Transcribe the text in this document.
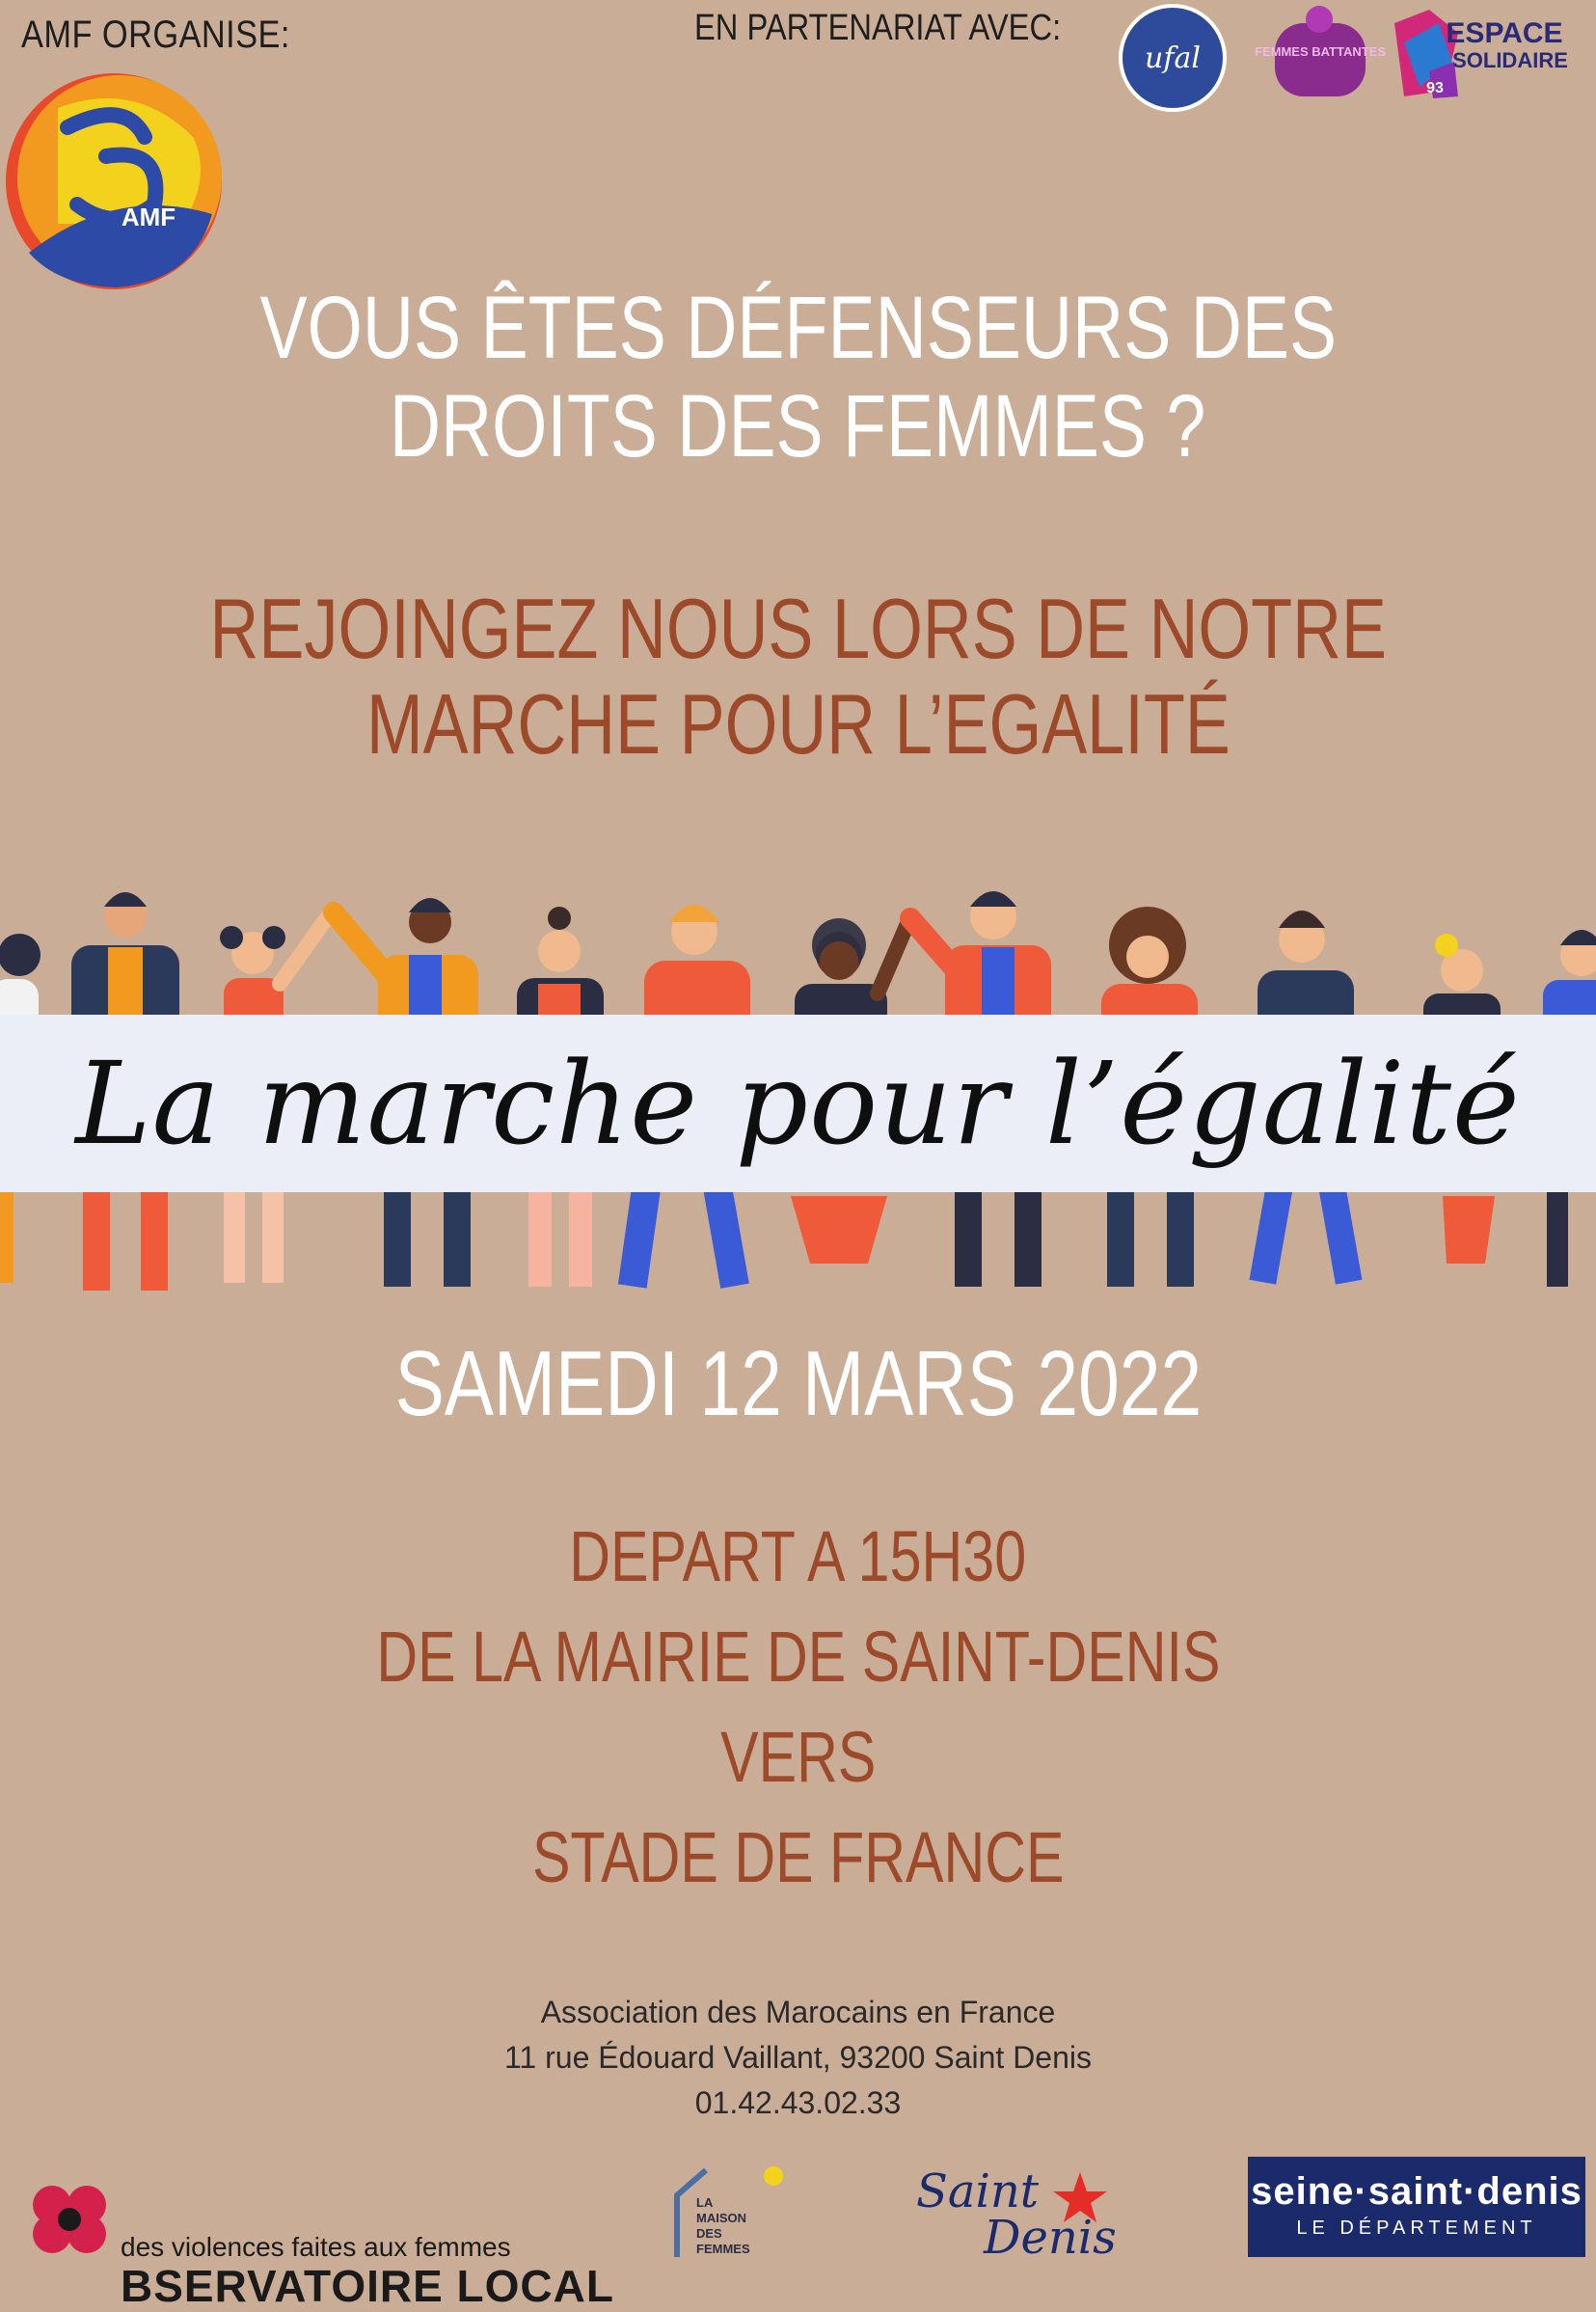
AMF ORGANISE:	EN PARTENARIAT AVEC:
AMF
ufal	FEMMES BATTANTES
ESPACE
SOLIDAIRE
93
VOUS ÊTES DÉFENSEURS DES
DROITS DES FEMMES ?
REJOINGEZ NOUS LORS DE NOTRE
MARCHE POUR L’EGALITÉ
La marche pour l’égalité
SAMEDI 12 MARS 2022
DEPART A 15H30
DE LA MAIRIE DE SAINT-DENIS
VERS
STADE DE FRANCE
Association des Marocains en France
11 rue Édouard Vaillant, 93200 Saint Denis
01.42.43.02.33
BSERVATOIRE LOCAL
des violences faites aux femmes
LA
MAISON
DES
FEMMES
Saint
Denis
seine·saint·denis
LE DÉPARTEMENT
